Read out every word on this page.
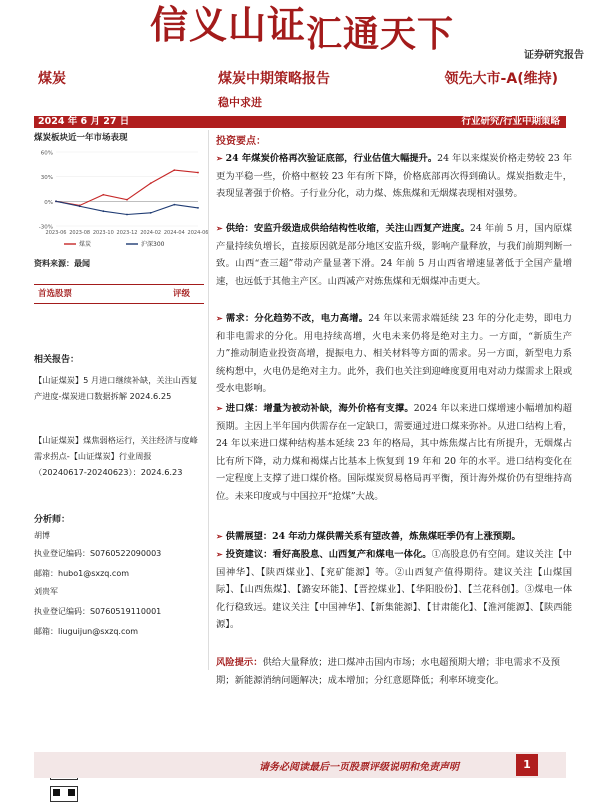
信义山证汇通天下
证券研究报告
煤炭	煤炭中期策略报告	领先大市-A(维持)
稳中求进
2024 年 6 月 27 日	行业研究/行业中期策略
煤炭板块近一年市场表现
-30%
0%
30%
60%
2023-06 2023-08 2023-10 2023-12 2024-02 2024-04 2024-06
煤炭	沪深300
资料来源：最闻
首选股票	评级
相关报告：
【山证煤炭】5 月进口继续补缺，关注山西复产进度-煤炭进口数据拆解 2024.6.25
【山证煤炭】煤焦弱格运行，关注经济与度峰需求拐点-【山证煤炭】行业周报（20240617-20240623）：2024.6.23
分析师：
胡博
执业登记编码：S0760522090003
邮箱：hubo1@sxzq.com
刘贵军
执业登记编码：S0760519110001
邮箱：liuguijun@sxzq.com
投资要点：
➢ 24 年煤炭价格再次验证底部，行业估值大幅提升。24 年以来煤炭价格走势较 23 年更为平稳一些，价格中枢较 23 年有所下降，价格底部再次得到确认。煤炭指数走牛，表现显著强于价格。子行业分化，动力煤、炼焦煤和无烟煤表现相对强势。
➢ 供给：安监升级造成供给结构性收缩，关注山西复产进度。24 年前 5 月，国内原煤产量持续负增长，直接原因就是部分地区安监升级，影响产量释放，与我们前期判断一致。山西“查三超”带动产量显著下滑。24 年前 5 月山西省增速显著低于全国产量增速，也远低于其他主产区。山西减产对炼焦煤和无烟煤冲击更大。
➢ 需求：分化趋势不改，电力高增。24 年以来需求端延续 23 年的分化走势，即电力和非电需求的分化。用电持续高增，火电未来仍将是绝对主力。一方面，“新质生产力”推动制造业投资高增，提振电力、相关材料等方面的需求。另一方面，新型电力系统构想中，火电仍是绝对主力。此外，我们也关注到迎峰度夏用电对动力煤需求上限或受水电影响。
➢ 进口煤：增量为被动补缺，海外价格有支撑。2024 年以来进口煤增速小幅增加构超预期。主因上半年国内供需存在一定缺口，需要通过进口煤来弥补。从进口结构上看，24 年以来进口煤种结构基本延续 23 年的格局，其中炼焦煤占比有所提升，无烟煤占比有所下降，动力煤和褐煤占比基本上恢复到 19 年和 20 年的水平。进口结构变化在一定程度上支撑了进口煤价格。国际煤炭贸易格局再平衡，预计海外煤价仍有望维持高位。未来印度或与中国拉开“抢煤”大战。
➢ 供需展望：24 年动力煤供需关系有望改善，炼焦煤旺季仍有上涨预期。
➢ 投资建议：看好高股息、山西复产和煤电一体化。①高股息仍有空间。建议关注【中国神华】、【陕西煤业】、【兖矿能源】等。②山西复产值得期待。建议关注【山煤国际】、【山西焦煤】、【潞安环能】、【晋控煤业】、【华阳股份】、【兰花科创】。③煤电一体化行稳致远。建议关注【中国神华】、【新集能源】、【甘肃能化】、【淮河能源】、【陕西能源】。
风险提示：供给大量释放；进口煤冲击国内市场；水电超预期大增；非电需求不及预期；新能源消纳问题解决；成本增加；分红意愿降低；利率环境变化。
请务必阅读最后一页股票评级说明和免责声明	1
